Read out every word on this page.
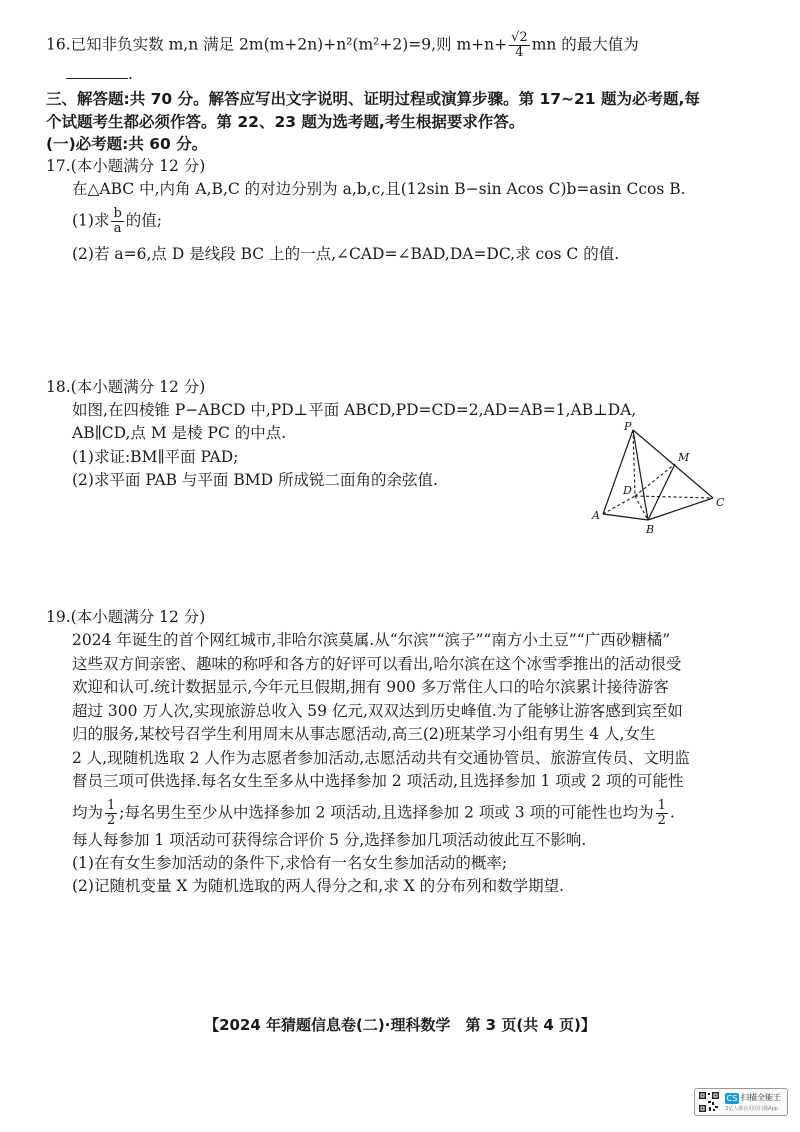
16.已知非负实数 m,n 满足 2m(m+2n)+n²(m²+2)=9,则 $m+n+ \frac{√2}{4}$ mn 的最大值为
.
三、解答题:共 70 分。解答应写出文字说明、证明过程或演算步骤。第 17~21 题为必考题,每
个试题考生都必须作答。第 22、23 题为选考题,考生根据要求作答。
(一)必考题:共 60 分。
17.(本小题满分 12 分)
在△ABC 中,内角 A,B,C 的对边分别为 a,b,c,且(12sin B−sin Acos C)b=asin Ccos B.
(1)求 $\frac{b}{a}$ 的值;
(2)若 a=6,点 D 是线段 BC 上的一点,∠CAD=∠BAD,DA=DC,求 cos C 的值.
18.(本小题满分 12 分)
如图,在四棱锥 P−ABCD 中,PD⊥平面 ABCD,PD=CD=2,AD=AB=1,AB⊥DA,
AB∥CD,点 M 是棱 PC 的中点.
(1)求证:BM∥平面 PAD;
(2)求平面 PAB 与平面 BMD 所成锐二面角的余弦值.
P
M
D
C
A
B
19.(本小题满分 12 分)
2024 年诞生的首个网红城市,非哈尔滨莫属.从“尔滨”“滨子”“南方小土豆”“广西砂糖橘”
这些双方间亲密、趣味的称呼和各方的好评可以看出,哈尔滨在这个冰雪季推出的活动很受
欢迎和认可.统计数据显示,今年元旦假期,拥有 900 多万常住人口的哈尔滨累计接待游客
超过 300 万人次,实现旅游总收入 59 亿元,双双达到历史峰值.为了能够让游客感到宾至如
归的服务,某校号召学生利用周末从事志愿活动,高三(2)班某学习小组有男生 4 人,女生
2 人,现随机选取 2 人作为志愿者参加活动,志愿活动共有交通协管员、旅游宣传员、文明监
督员三项可供选择.每名女生至多从中选择参加 2 项活动,且选择参加 1 项或 2 项的可能性
均为 $\frac{1}{2}$ ;每名男生至少从中选择参加 2 项活动,且选择参加 2 项或 3 项的可能性也均为 $\frac{1}{2}$ .
每人每参加 1 项活动可获得综合评价 5 分,选择参加几项活动彼此互不影响.
(1)在有女生参加活动的条件下,求恰有一名女生参加活动的概率;
(2)记随机变量 X 为随机选取的两人得分之和,求 X 的分布列和数学期望.
【2024 年猜题信息卷(二)·理科数学　第 3 页(共 4 页)】
CS 扫描全能王
3亿人都在用的扫描App
